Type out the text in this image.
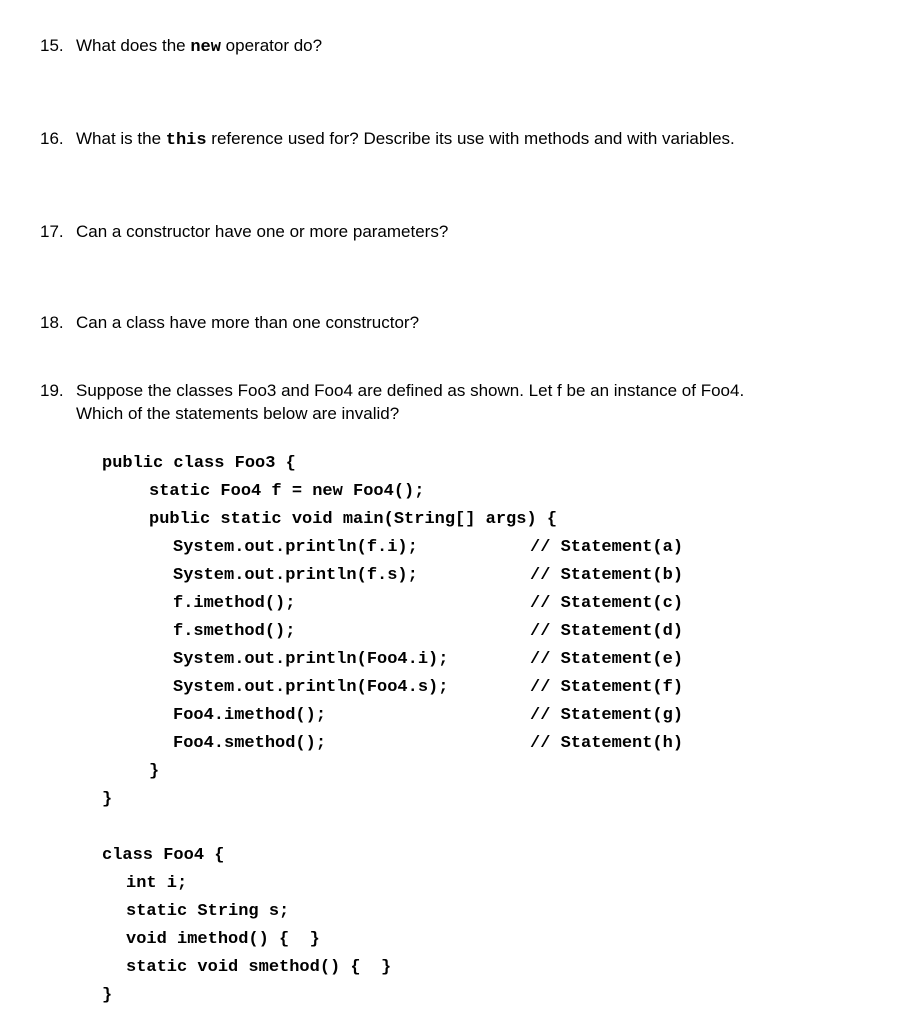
15. What does the new operator do?

16. What is the this reference used for? Describe its use with methods and with variables.

17. Can a constructor have one or more parameters?

18. Can a class have more than one constructor?

19. Suppose the classes Foo3 and Foo4 are defined as shown. Let f be an instance of Foo4.
Which of the statements below are invalid?

public class Foo3 {
static Foo4 f = new Foo4();
public static void main(String[] args) {
System.out.println(f.i);
System.out.println(f.s);
f.imethod();
f.smethod();
System.out.println(Foo4.i);
System.out.println(Foo4.s);
Foo4.imethod();
Foo4.smethod();
// Statement(a)
// Statement(b)
// Statement(c)
// Statement(d)
// Statement(e)
// Statement(f)
// Statement(g)
// Statement(h)
}
}
class Foo4 {
int i;
static String s;
void imethod() {  }
static void smethod() {  }
}
